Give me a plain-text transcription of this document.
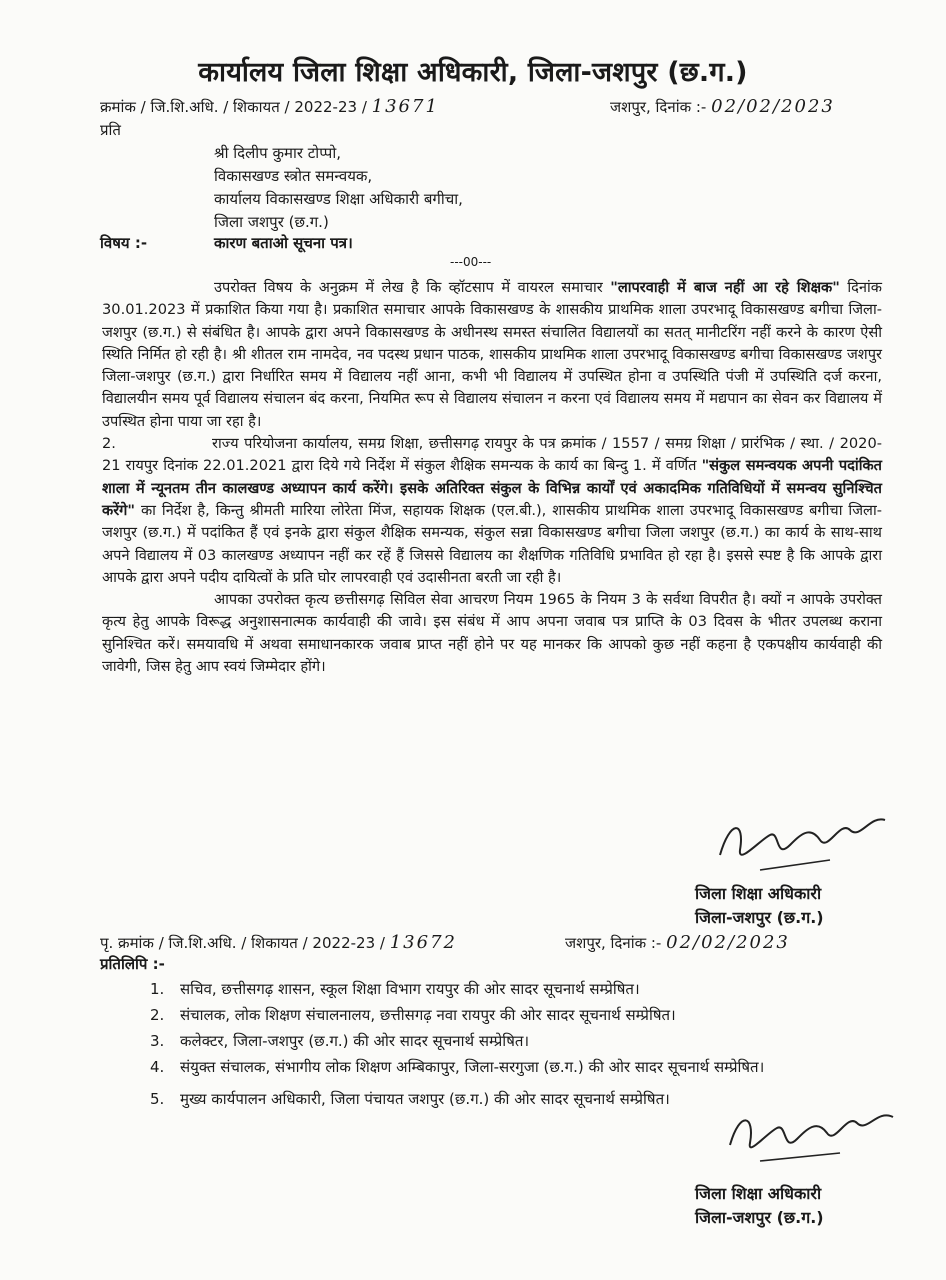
कार्यालय जिला शिक्षा अधिकारी, जिला-जशपुर (छ.ग.)
क्रमांक / जि.शि.अधि. / शिकायत / 2022-23 / 13671	जशपुर, दिनांक :- 02/02/2023
प्रति
श्री दिलीप कुमार टोप्पो,
विकासखण्ड स्त्रोत समन्वयक,
कार्यालय विकासखण्ड शिक्षा अधिकारी बगीचा,
जिला जशपुर (छ.ग.)
विषय :-	कारण बताओ सूचना पत्र।
---00---

उपरोक्त विषय के अनुक्रम में लेख है कि व्हॉटसाप में वायरल समाचार "लापरवाही में बाज नहीं आ रहे शिक्षक" दिनांक 30.01.2023 में प्रकाशित किया गया है। प्रकाशित समाचार आपके विकासखण्ड के शासकीय प्राथमिक शाला उपरभादू विकासखण्ड बगीचा जिला-जशपुर (छ.ग.) से संबंधित है। आपके द्वारा अपने विकासखण्ड के अधीनस्थ समस्त संचालित विद्यालयों का सतत् मानीटरिंग नहीं करने के कारण ऐसी स्थिति निर्मित हो रही है। श्री शीतल राम नामदेव, नव पदस्थ प्रधान पाठक, शासकीय प्राथमिक शाला उपरभादू विकासखण्ड बगीचा विकासखण्ड जशपुर जिला-जशपुर (छ.ग.) द्वारा निर्धारित समय में विद्यालय नहीं आना, कभी भी विद्यालय में उपस्थित होना व उपस्थिति पंजी में उपस्थिति दर्ज करना, विद्यालयीन समय पूर्व विद्यालय संचालन बंद करना, नियमित रूप से विद्यालय संचालन न करना एवं विद्यालय समय में मद्यपान का सेवन कर विद्यालय में उपस्थित होना पाया जा रहा है।

2.	राज्य परियोजना कार्यालय, समग्र शिक्षा, छत्तीसगढ़ रायपुर के पत्र क्रमांक / 1557 / समग्र शिक्षा / प्रारंभिक / स्था. / 2020-21 रायपुर दिनांक 22.01.2021 द्वारा दिये गये निर्देश में संकुल शैक्षिक समन्यक के कार्य का बिन्दु 1. में वर्णित "संकुल समन्वयक अपनी पदांकित शाला में न्यूनतम तीन कालखण्ड अध्यापन कार्य करेंगे। इसके अतिरिक्त संकुल के विभिन्न कार्यों एवं अकादमिक गतिविधियों में समन्वय सुनिश्चित करेंगे" का निर्देश है, किन्तु श्रीमती मारिया लोरेता मिंज, सहायक शिक्षक (एल.बी.), शासकीय प्राथमिक शाला उपरभादू विकासखण्ड बगीचा जिला-जशपुर (छ.ग.) में पदांकित हैं एवं इनके द्वारा संकुल शैक्षिक समन्यक, संकुल सन्ना विकासखण्ड बगीचा जिला जशपुर (छ.ग.) का कार्य के साथ-साथ अपने विद्यालय में 03 कालखण्ड अध्यापन नहीं कर रहें हैं जिससे विद्यालय का शैक्षणिक गतिविधि प्रभावित हो रहा है। इससे स्पष्ट है कि आपके द्वारा आपके द्वारा अपने पदीय दायित्वों के प्रति घोर लापरवाही एवं उदासीनता बरती जा रही है।

आपका उपरोक्त कृत्य छत्तीसगढ़ सिविल सेवा आचरण नियम 1965 के नियम 3 के सर्वथा विपरीत है। क्यों न आपके उपरोक्त कृत्य हेतु आपके विरूद्ध अनुशासनात्मक कार्यवाही की जावे। इस संबंध में आप अपना जवाब पत्र प्राप्ति के 03 दिवस के भीतर उपलब्ध कराना सुनिश्चित करें। समयावधि में अथवा समाधानकारक जवाब प्राप्त नहीं होने पर यह मानकर कि आपको कुछ नहीं कहना है एकपक्षीय कार्यवाही की जावेगी, जिस हेतु आप स्वयं जिम्मेदार होंगे।

जिला शिक्षा अधिकारी
जिला-जशपुर (छ.ग.)
पृ. क्रमांक / जि.शि.अधि. / शिकायत / 2022-23 / 13672	जशपुर, दिनांक :- 02/02/2023
प्रतिलिपि :-
1.	सचिव, छत्तीसगढ़ शासन, स्कूल शिक्षा विभाग रायपुर की ओर सादर सूचनार्थ सम्प्रेषित।
2.	संचालक, लोक शिक्षण संचालनालय, छत्तीसगढ़ नवा रायपुर की ओर सादर सूचनार्थ सम्प्रेषित।
3.	कलेक्टर, जिला-जशपुर (छ.ग.) की ओर सादर सूचनार्थ सम्प्रेषित।
4.	संयुक्त संचालक, संभागीय लोक शिक्षण अम्बिकापुर, जिला-सरगुजा (छ.ग.) की ओर सादर सूचनार्थ सम्प्रेषित।
5.	मुख्य कार्यपालन अधिकारी, जिला पंचायत जशपुर (छ.ग.) की ओर सादर सूचनार्थ सम्प्रेषित।
जिला शिक्षा अधिकारी
जिला-जशपुर (छ.ग.)
